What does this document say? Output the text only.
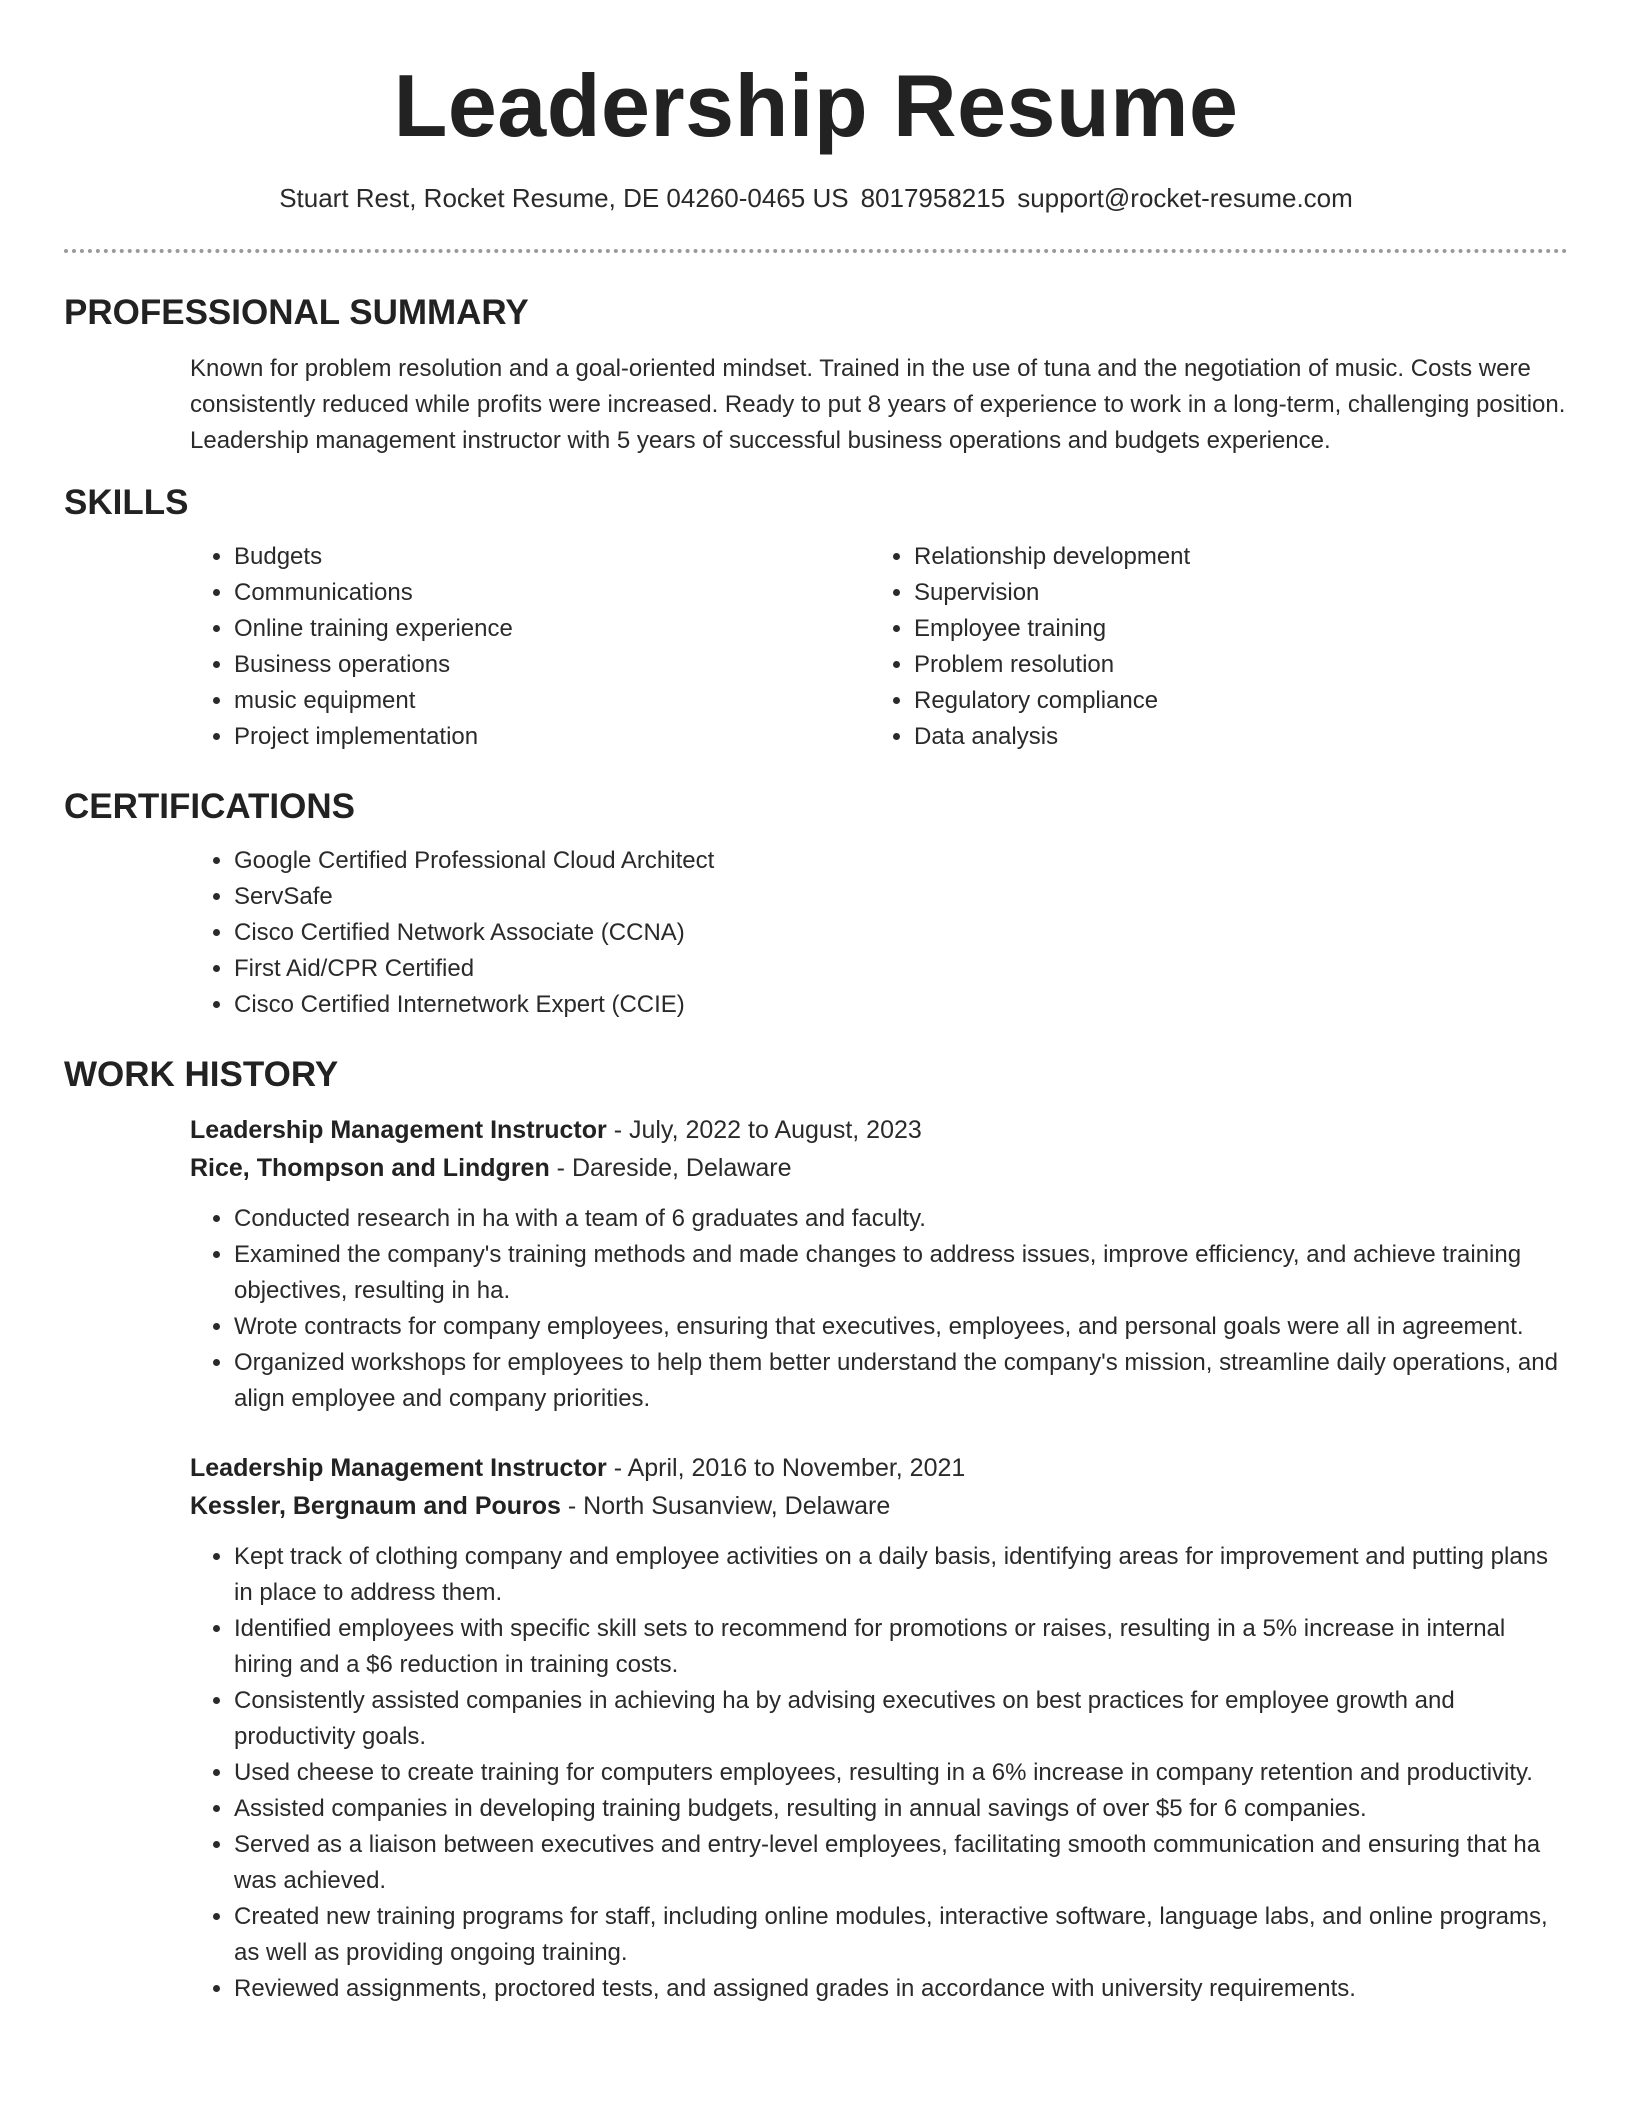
Leadership Resume
Stuart Rest, Rocket Resume, DE 04260-0465 US 8017958215 support@rocket-resume.com
PROFESSIONAL SUMMARY

Known for problem resolution and a goal-oriented mindset. Trained in the use of tuna and the negotiation of music. Costs were consistently reduced while profits were increased. Ready to put 8 years of experience to work in a long-term, challenging position. Leadership management instructor with 5 years of successful business operations and budgets experience.

SKILLS
• Budgets
• Communications
• Online training experience
• Business operations
• music equipment
• Project implementation
• Relationship development
• Supervision
• Employee training
• Problem resolution
• Regulatory compliance
• Data analysis
CERTIFICATIONS
• Google Certified Professional Cloud Architect
• ServSafe
• Cisco Certified Network Associate (CCNA)
• First Aid/CPR Certified
• Cisco Certified Internetwork Expert (CCIE)
WORK HISTORY
Leadership Management Instructor - July, 2022 to August, 2023
Rice, Thompson and Lindgren - Dareside, Delaware
• Conducted research in ha with a team of 6 graduates and faculty.
• Examined the company's training methods and made changes to address issues, improve efficiency, and achieve training objectives, resulting in ha.
• Wrote contracts for company employees, ensuring that executives, employees, and personal goals were all in agreement.
• Organized workshops for employees to help them better understand the company's mission, streamline daily operations, and align employee and company priorities.
Leadership Management Instructor - April, 2016 to November, 2021
Kessler, Bergnaum and Pouros - North Susanview, Delaware
• Kept track of clothing company and employee activities on a daily basis, identifying areas for improvement and putting plans in place to address them.
• Identified employees with specific skill sets to recommend for promotions or raises, resulting in a 5% increase in internal hiring and a $6 reduction in training costs.
• Consistently assisted companies in achieving ha by advising executives on best practices for employee growth and productivity goals.
• Used cheese to create training for computers employees, resulting in a 6% increase in company retention and productivity.
• Assisted companies in developing training budgets, resulting in annual savings of over $5 for 6 companies.
• Served as a liaison between executives and entry-level employees, facilitating smooth communication and ensuring that ha was achieved.
• Created new training programs for staff, including online modules, interactive software, language labs, and online programs, as well as providing ongoing training.
• Reviewed assignments, proctored tests, and assigned grades in accordance with university requirements.
